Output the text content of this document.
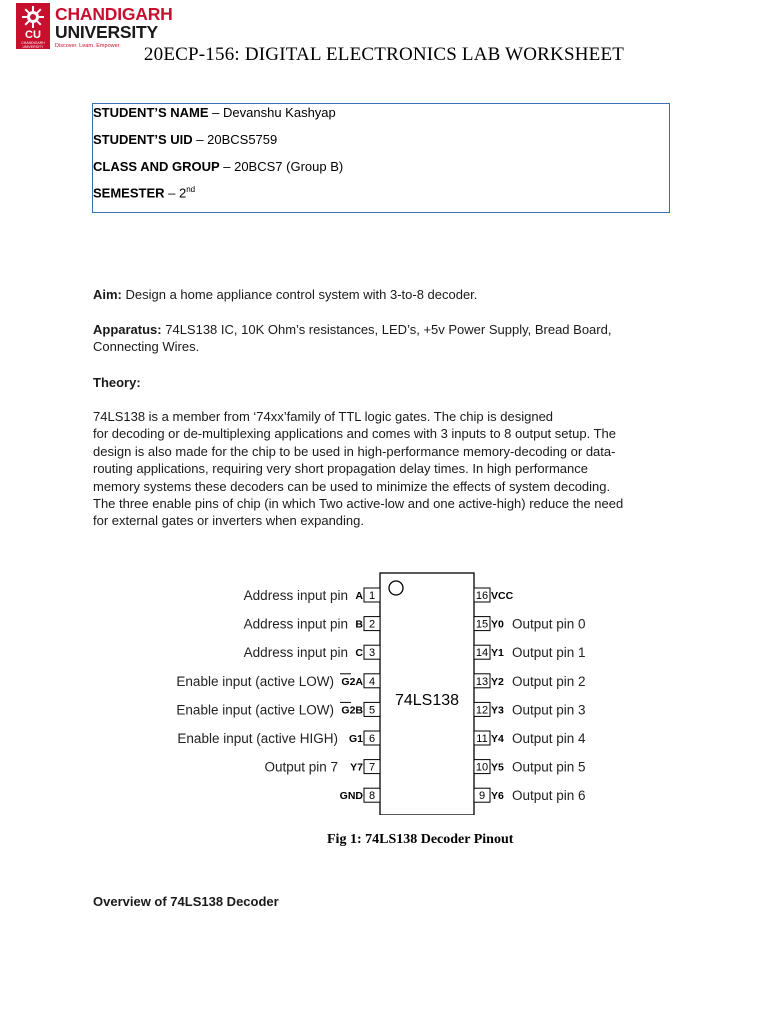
CU
CHANDIGARH UNIVERSITY
CHANDIGARH
UNIVERSITY
Discover. Learn. Empower.	20ECP-156: DIGITAL ELECTRONICS LAB WORKSHEET
STUDENT’S NAME – Devanshu Kashyap
STUDENT’S UID – 20BCS5759
CLASS AND GROUP – 20BCS7 (Group B)
SEMESTER – 2nd
Aim: Design a home appliance control system with 3-to-8 decoder.
Apparatus: 74LS138 IC, 10K Ohm’s resistances, LED’s, +5v Power Supply, Bread Board, Connecting Wires.
Theory:
74LS138 is a member from ‘74xx’family of TTL logic gates. The chip is designed
for decoding or de-multiplexing applications and comes with 3 inputs to 8 output setup. The
design is also made for the chip to be used in high-performance memory-decoding or data-
routing applications, requiring very short propagation delay times. In high performance
memory systems these decoders can be used to minimize the effects of system decoding.
The three enable pins of chip (in which Two active-low and one active-high) reduce the need
for external gates or inverters when expanding.
74LS138
1
A
Address input pin
2
B
Address input pin
3
C
Address input pin
4
G2A
Enable input (active LOW)
5
G2B
Enable input (active LOW)
6
G1
Enable input (active HIGH)
7
Y7
Output pin 7
8
GND
16 VCC
15 Y0 Output pin 0
14 Y1 Output pin 1
13 Y2 Output pin 2
12 Y3 Output pin 3
11 Y4 Output pin 4
10 Y5 Output pin 5
9 Y6 Output pin 6
Fig 1: 74LS138 Decoder Pinout
Overview of 74LS138 Decoder
